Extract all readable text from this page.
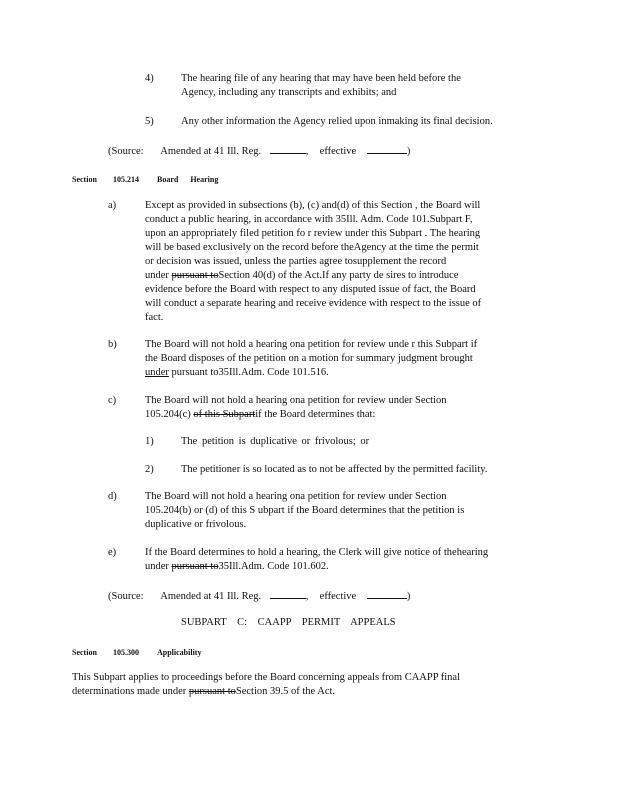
4)	The hearing file of any hearing that may have been held before the
Agency, including any transcripts and exhibits; and
5)	Any other information the Agency relied upon inmaking its final decision.
(Source: Amended at 41 Ill. Reg.	, effective	)
Section 105.214 Board Hearing
a)	Except as provided in subsections (b), (c) and(d) of this Section , the Board will
conduct a public hearing, in accordance with 35Ill. Adm. Code 101.Subpart F,
upon an appropriately filed petition fo r review under this Subpart . The hearing
will be based exclusively on the record before theAgency at the time the permit
or decision was issued, unless the parties agree tosupplement the record
under pursuant toSection 40(d) of the Act.If any party de sires to introduce
evidence before the Board with respect to any disputed issue of fact, the Board
will conduct a separate hearing and receive evidence with respect to the issue of
fact.
b)	The Board will not hold a hearing ona petition for review unde r this Subpart if
the Board disposes of the petition on a motion for summary judgment brought
under pursuant to35Ill.Adm. Code 101.516.
c)	The Board will not hold a hearing ona petition for review under Section
105.204(c) of this Subpartif the Board determines that:
1)	The petition is duplicative or frivolous; or
2)	The petitioner is so located as to not be affected by the permitted facility.
d)	The Board will not hold a hearing ona petition for review under Section
105.204(b) or (d) of this S ubpart if the Board determines that the petition is
duplicative or frivolous.
e)	If the Board determines to hold a hearing, the Clerk will give notice of thehearing
under pursuant to35Ill.Adm. Code 101.602.
(Source: Amended at 41 Ill. Reg.	, effective	)
SUBPART C: CAAPP PERMIT APPEALS
Section 105.300 Applicability
This Subpart applies to proceedings before the Board concerning appeals from CAAPP final
determinations made under pursuant toSection 39.5 of the Act.
